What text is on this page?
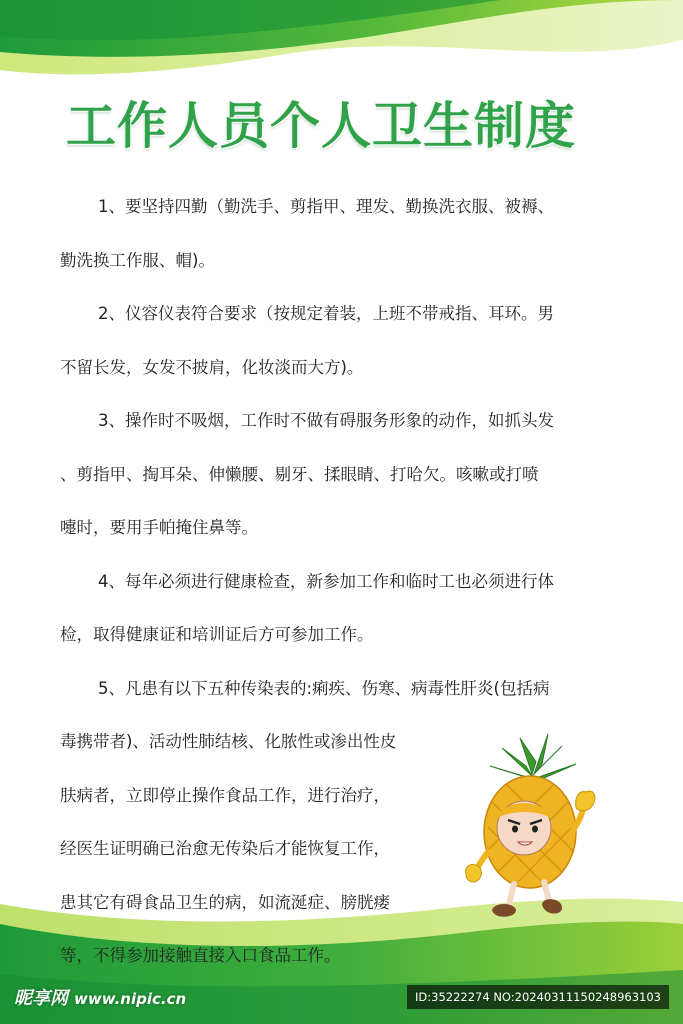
工作人员个人卫生制度

1、要坚持四勤（勤洗手、剪指甲、理发、勤换洗衣服、被褥、

勤洗换工作服、帽)。

2、仪容仪表符合要求（按规定着装，上班不带戒指、耳环。男

不留长发，女发不披肩，化妆淡而大方)。

3、操作时不吸烟，工作时不做有碍服务形象的动作，如抓头发

、剪指甲、掏耳朵、伸懒腰、剔牙、揉眼睛、打哈欠。咳嗽或打喷

嚏时，要用手帕掩住鼻等。

4、每年必须进行健康检查，新参加工作和临时工也必须进行体

检，取得健康证和培训证后方可参加工作。

5、凡患有以下五种传染表的:痢疾、伤寒、病毒性肝炎(包括病

毒携带者)、活动性肺结核、化脓性或渗出性皮

肤病者，立即停止操作食品工作，进行治疗，

经医生证明确已治愈无传染后才能恢复工作，

患其它有碍食品卫生的病，如流涎症、膀胱瘘

等，不得参加接触直接入口食品工作。

昵享网 www.nipic.cn	ID:35222274 NO:20240311150248963103
